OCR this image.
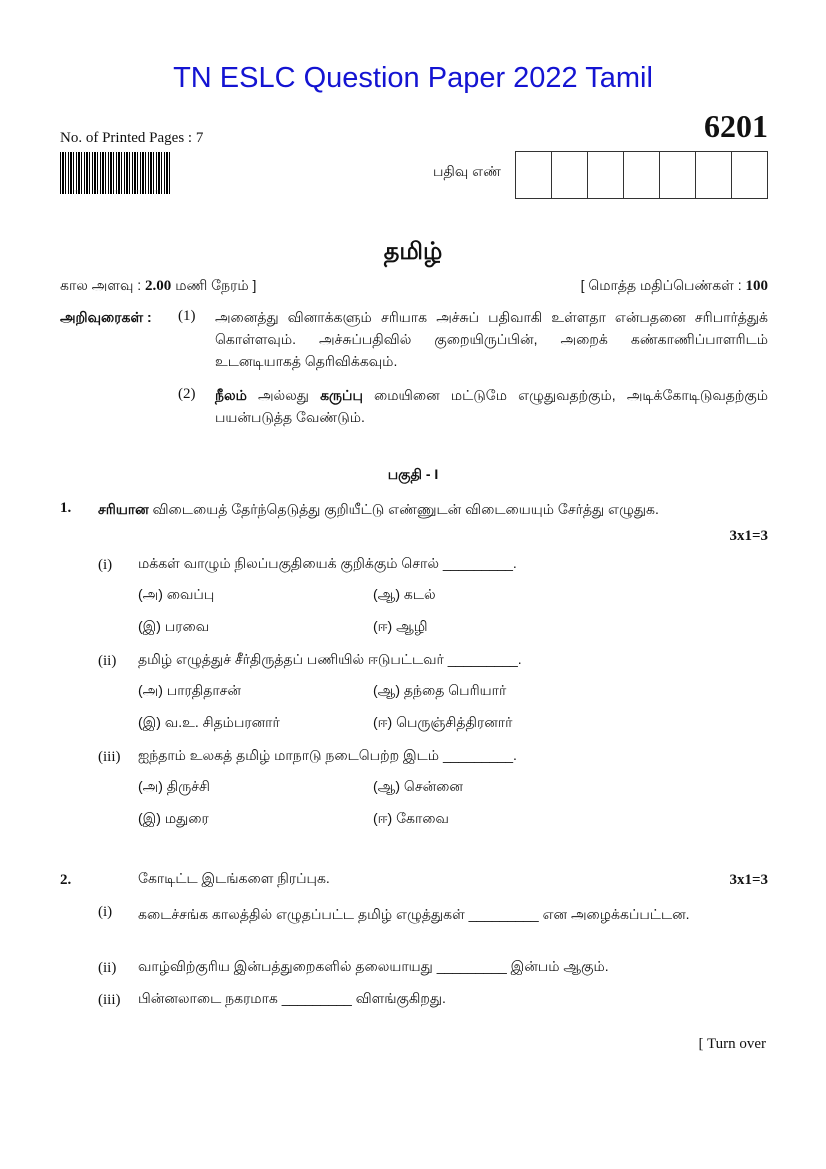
TN ESLC Question Paper 2022 Tamil
No. of Printed Pages : 7	6201
பதிவு எண்
தமிழ்
கால அளவு : 2.00 மணி நேரம் ]	[ மொத்த மதிப்பெண்கள் : 100
அறிவுரைகள் : (1) அனைத்து வினாக்களும் சரியாக அச்சுப் பதிவாகி உள்ளதா என்பதனை சரிபார்த்துக் கொள்ளவும். அச்சுப்பதிவில் குறையிருப்பின், அறைக் கண்காணிப்பாளரிடம் உடனடியாகத் தெரிவிக்கவும்.
(2) நீலம் அல்லது கருப்பு மையினை மட்டுமே எழுதுவதற்கும், அடிக்கோடிடுவதற்கும் பயன்படுத்த வேண்டும்.
பகுதி - I
1. சரியான விடையைத் தேர்ந்தெடுத்து குறியீட்டு எண்ணுடன் விடையையும் சேர்த்து எழுதுக.
3x1=3
(i) மக்கள் வாழும் நிலப்பகுதியைக் குறிக்கும் சொல் _________.
(அ) வைப்பு	(ஆ) கடல்
(இ) பரவை	(ஈ) ஆழி
(ii) தமிழ் எழுத்துச் சீர்திருத்தப் பணியில் ஈடுபட்டவர் _________.
(அ) பாரதிதாசன்	(ஆ) தந்தை பெரியார்
(இ) வ.உ. சிதம்பரனார்	(ஈ) பெருஞ்சித்திரனார்
(iii) ஐந்தாம் உலகத் தமிழ் மாநாடு நடைபெற்ற இடம் _________.
(அ) திருச்சி	(ஆ) சென்னை
(இ) மதுரை	(ஈ) கோவை
2.	கோடிட்ட இடங்களை நிரப்புக.	3x1=3
(i) கடைச்சங்க காலத்தில் எழுதப்பட்ட தமிழ் எழுத்துகள் _________ என அழைக்கப்பட்டன.
(ii) வாழ்விற்குரிய இன்பத்துறைகளில் தலையாயது _________ இன்பம் ஆகும்.
(iii) பின்னலாடை நகரமாக _________ விளங்குகிறது.
[ Turn over
